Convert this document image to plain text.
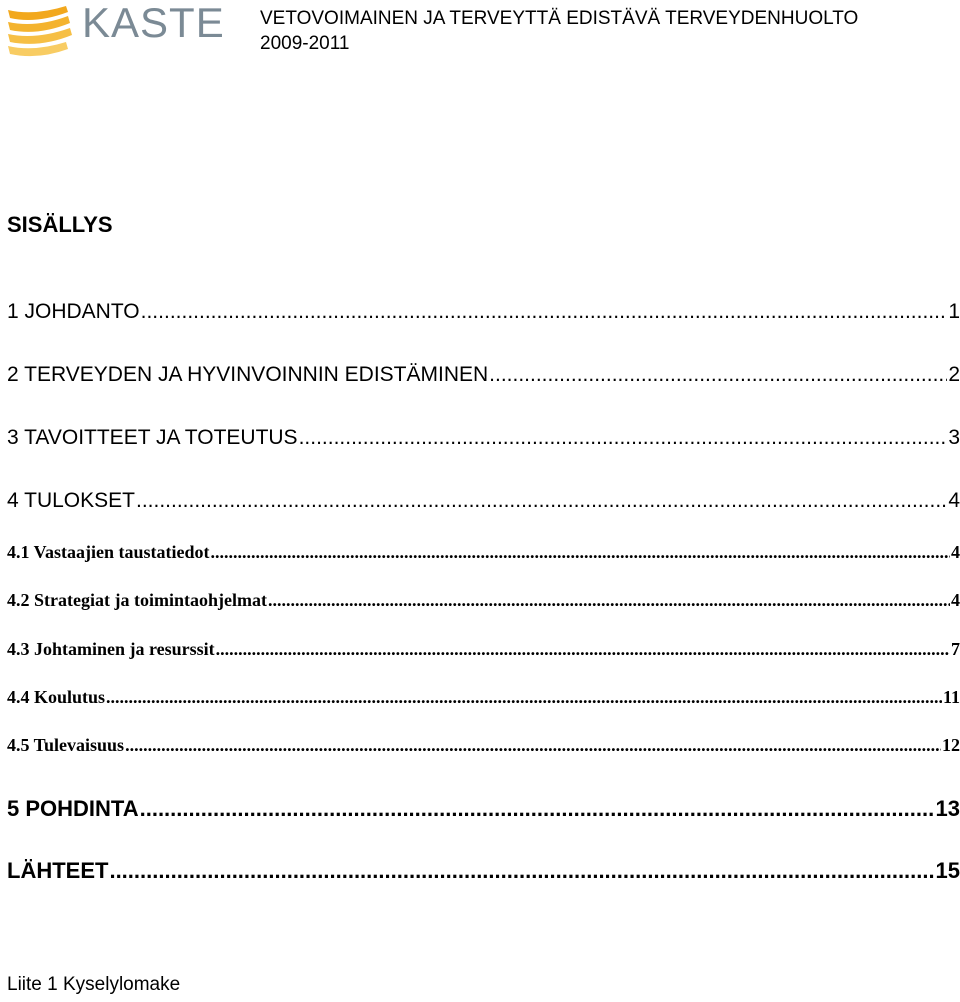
KASTE VETOVOIMAINEN JA TERVEYTTÄ EDISTÄVÄ TERVEYDENHUOLTO
2009-2011
SISÄLLYS
1 JOHDANTO .....	1
2 TERVEYDEN JA HYVINVOINNIN EDISTÄMINEN .....	2
3 TAVOITTEET JA TOTEUTUS .....	3
4 TULOKSET .....	4
4.1 Vastaajien taustatiedot .....	4
4.2 Strategiat ja toimintaohjelmat .....	4
4.3 Johtaminen ja resurssit .....	7
4.4 Koulutus .....	11
4.5 Tulevaisuus .....	12
5 POHDINTA .....	13
LÄHTEET .....	15
Liite 1 Kyselylomake
